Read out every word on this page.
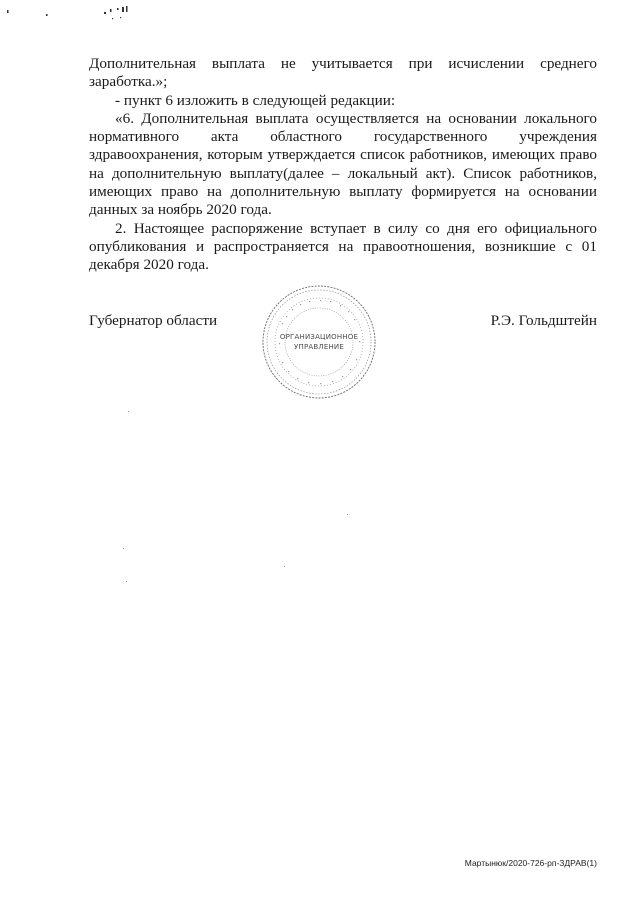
Дополнительная выплата не учитывается при исчислении среднего заработка.»;

- пункт 6 изложить в следующей редакции:

«6. Дополнительная выплата осуществляется на основании локального нормативного акта областного государственного учреждения здравоохранения, которым утверждается список работников, имеющих право на дополнительную выплату(далее – локальный акт). Список работников, имеющих право на дополнительную выплату формируется на основании данных за ноябрь 2020 года.

2. Настоящее распоряжение вступает в силу со дня его официального опубликования и распространяется на правоотношения, возникшие с 01 декабря 2020 года.

Губернатор области	Р.Э. Гольдштейн
ОРГАНИЗАЦИОННОЕ
УПРАВЛЕНИЕ
Мартынюк/2020-726-рп-ЗДРАВ(1)
